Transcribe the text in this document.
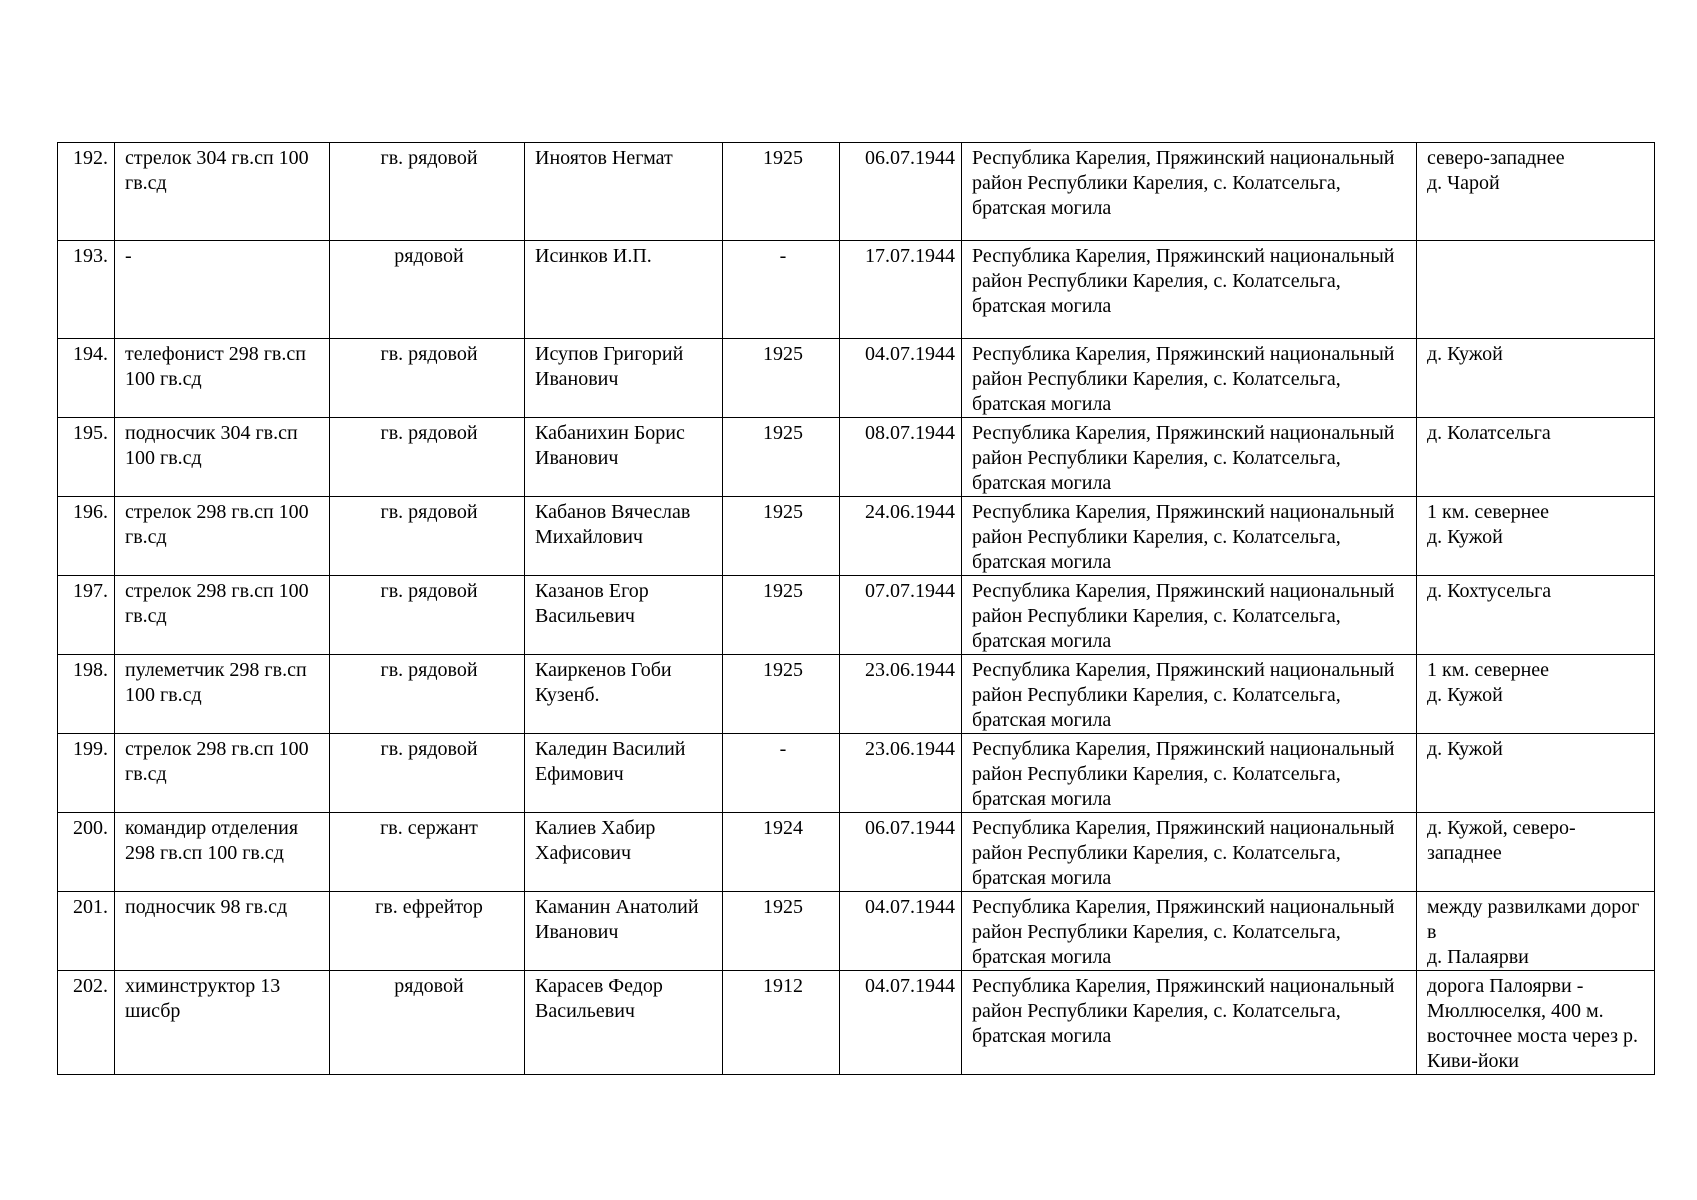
192.	стрелок 304 гв.сп 100 гв.сд	гв. рядовой	Иноятов Негмат	1925	06.07.1944	Республика Карелия, Пряжинский национальный район Республики Карелия, с. Колатсельга, братская могила	северо-западнее
д. Чарой

193.	-	рядовой	Исинков И.П.	-	17.07.1944	Республика Карелия, Пряжинский национальный район Республики Карелия, с. Колатсельга, братская могила	
194.	телефонист 298 гв.сп 100 гв.сд	гв. рядовой	Исупов Григорий Иванович	1925	04.07.1944	Республика Карелия, Пряжинский национальный район Республики Карелия, с. Колатсельга, братская могила	д. Кужой

195.	подносчик 304 гв.сп 100 гв.сд	гв. рядовой	Кабанихин Борис Иванович	1925	08.07.1944	Республика Карелия, Пряжинский национальный район Республики Карелия, с. Колатсельга, братская могила	д. Колатсельга

196.	стрелок 298 гв.сп 100 гв.сд	гв. рядовой	Кабанов Вячеслав Михайлович	1925	24.06.1944	Республика Карелия, Пряжинский национальный район Республики Карелия, с. Колатсельга, братская могила	1 км. севернее
д. Кужой

197.	стрелок 298 гв.сп 100 гв.сд	гв. рядовой	Казанов Егор Васильевич	1925	07.07.1944	Республика Карелия, Пряжинский национальный район Республики Карелия, с. Колатсельга, братская могила	д. Кохтусельга

198.	пулеметчик 298 гв.сп 100 гв.сд	гв. рядовой	Каиркенов Гоби Кузенб.	1925	23.06.1944	Республика Карелия, Пряжинский национальный район Республики Карелия, с. Колатсельга, братская могила	1 км. севернее
д. Кужой

199.	стрелок 298 гв.сп 100 гв.сд	гв. рядовой	Каледин Василий Ефимович	-	23.06.1944	Республика Карелия, Пряжинский национальный район Республики Карелия, с. Колатсельга, братская могила	д. Кужой

200.	командир отделения 298 гв.сп 100 гв.сд	гв. сержант	Калиев Хабир Хафисович	1924	06.07.1944	Республика Карелия, Пряжинский национальный район Республики Карелия, с. Колатсельга, братская могила	д. Кужой, северо-западнее

201.	подносчик 98 гв.сд	гв. ефрейтор	Каманин Анатолий Иванович	1925	04.07.1944	Республика Карелия, Пряжинский национальный район Республики Карелия, с. Колатсельга, братская могила	между развилками дорог в
д. Палаярви

202.	химинструктор 13 шисбр	рядовой	Карасев Федор Васильевич	1912	04.07.1944	Республика Карелия, Пряжинский национальный район Республики Карелия, с. Колатсельга, братская могила	дорога Палоярви - Мюллюселкя, 400 м. восточнее моста через р. Киви-йоки
